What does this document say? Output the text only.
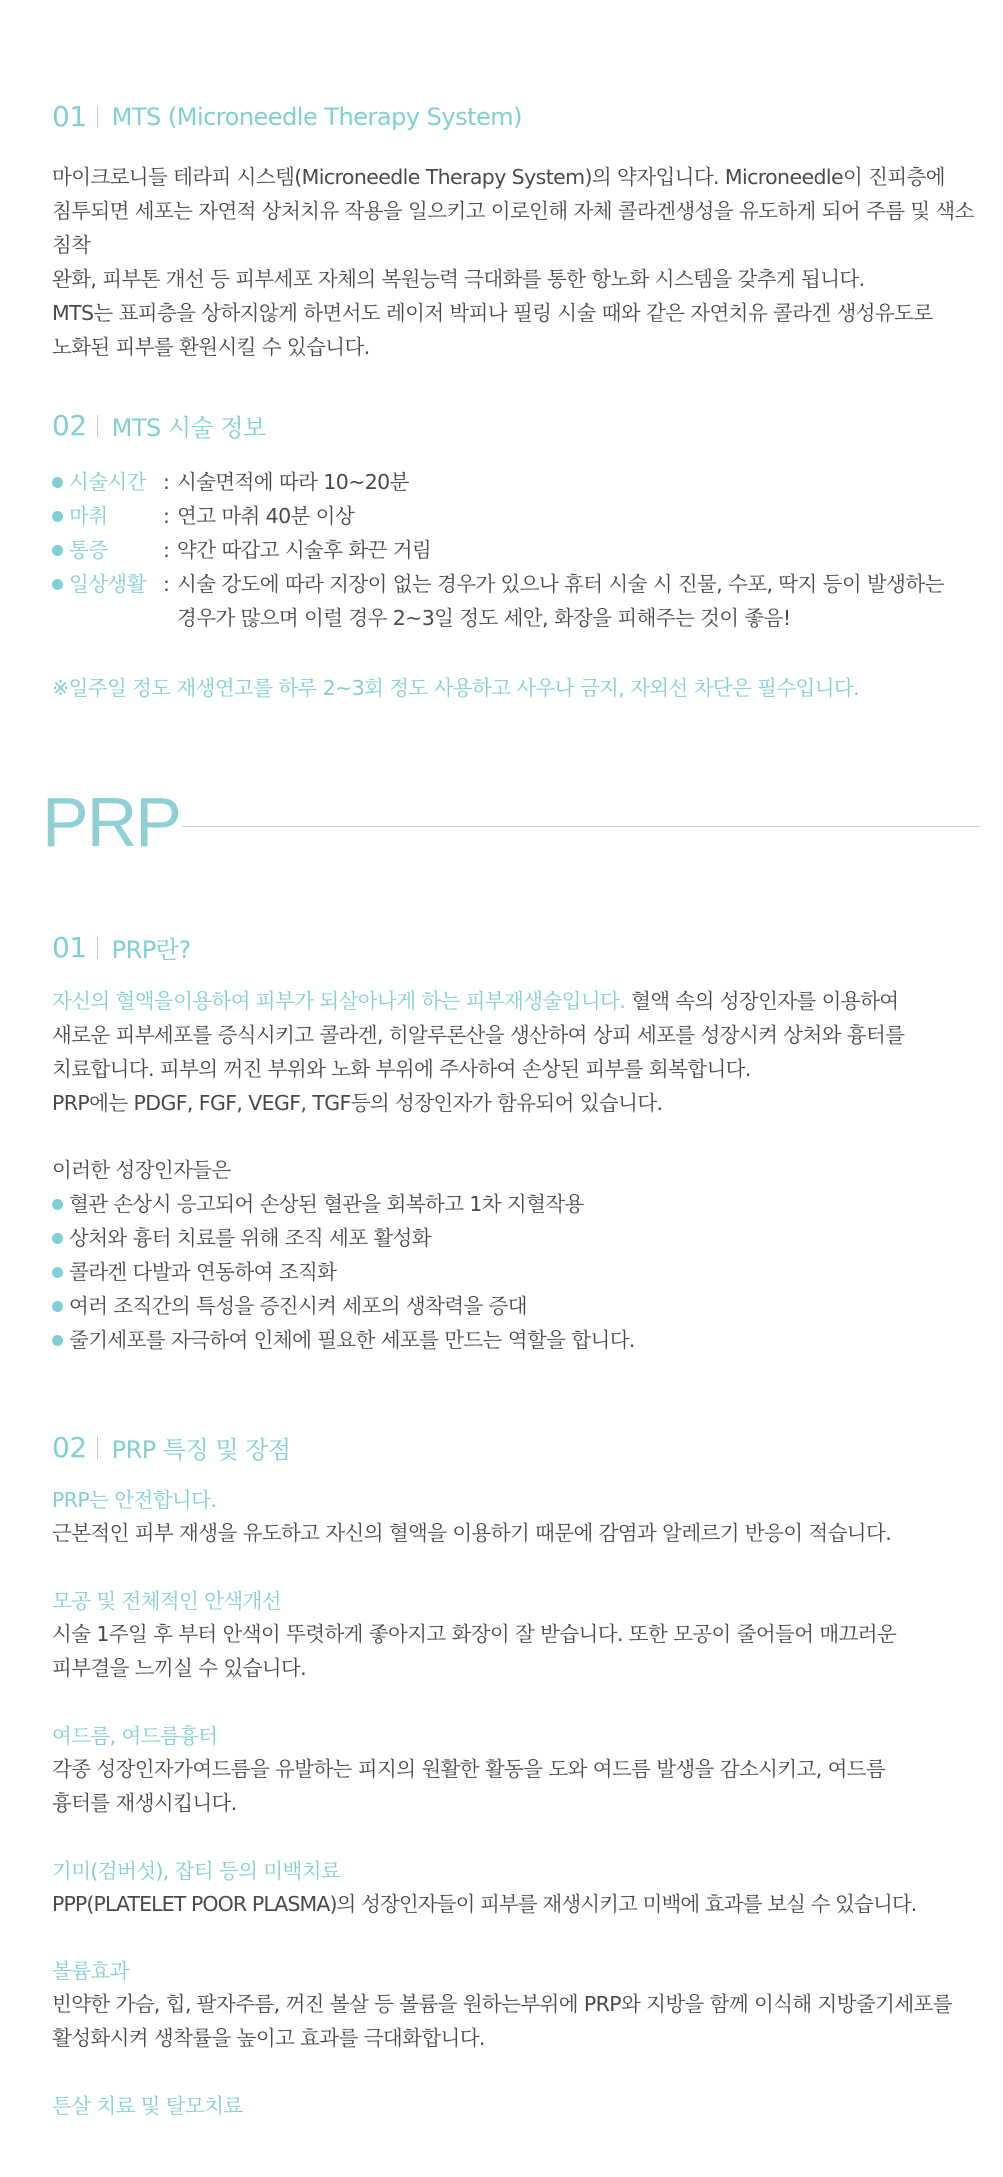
01 MTS (Microneedle Therapy System)
마이크로니들 테라피 시스템(Microneedle Therapy System)의 약자입니다. Microneedle이 진피층에
침투되면 세포는 자연적 상처치유 작용을 일으키고 이로인해 자체 콜라겐생성을 유도하게 되어 주름 및 색소침착
완화, 피부톤 개선 등 피부세포 자체의 복원능력 극대화를 통한 항노화 시스템을 갖추게 됩니다.
MTS는 표피층을 상하지않게 하면서도 레이저 박피나 필링 시술 때와 같은 자연치유 콜라겐 생성유도로
노화된 피부를 환원시킬 수 있습니다.
02 MTS 시술 정보
시술시간 : 시술면적에 따라 10~20분
마취	: 연고 마취 40분 이상
통증	: 약간 따갑고 시술후 화끈 거림
일상생활 : 시술 강도에 따라 지장이 없는 경우가 있으나 휴터 시술 시 진물, 수포, 딱지 등이 발생하는
경우가 많으며 이럴 경우 2~3일 정도 세안, 화장을 피해주는 것이 좋음!
※일주일 정도 재생연고를 하루 2~3회 정도 사용하고 사우나 금지, 자외선 차단은 필수입니다.
PRP
01 PRP란?
자신의 혈액을이용하여 피부가 되살아나게 하는 피부재생술입니다. 혈액 속의 성장인자를 이용하여
새로운 피부세포를 증식시키고 콜라겐, 히알루론산을 생산하여 상피 세포를 성장시켜 상처와 흉터를
치료합니다. 피부의 꺼진 부위와 노화 부위에 주사하여 손상된 피부를 회복합니다.
PRP에는 PDGF, FGF, VEGF, TGF등의 성장인자가 함유되어 있습니다.
이러한 성장인자들은
혈관 손상시 응고되어 손상된 혈관을 회복하고 1차 지혈작용
상처와 흉터 치료를 위해 조직 세포 활성화
콜라겐 다발과 연동하여 조직화
여러 조직간의 특성을 증진시켜 세포의 생착력을 증대
줄기세포를 자극하여 인체에 필요한 세포를 만드는 역할을 합니다.
02 PRP 특징 및 장점
PRP는 안전합니다.
근본적인 피부 재생을 유도하고 자신의 혈액을 이용하기 때문에 감염과 알레르기 반응이 적습니다.
모공 및 전체적인 안색개선
시술 1주일 후 부터 안색이 뚜렷하게 좋아지고 화장이 잘 받습니다. 또한 모공이 줄어들어 매끄러운
피부결을 느끼실 수 있습니다.
여드름, 여드름흉터
각종 성장인자가여드름을 유발하는 피지의 원활한 활동을 도와 여드름 발생을 감소시키고, 여드름
흉터를 재생시킵니다.
기미(검버섯), 잡티 등의 미백치료
PPP(PLATELET POOR PLASMA)의 성장인자들이 피부를 재생시키고 미백에 효과를 보실 수 있습니다.
볼륨효과
빈약한 가슴, 힙, 팔자주름, 꺼진 볼살 등 볼륨을 원하는부위에 PRP와 지방을 함께 이식해 지방줄기세포를
활성화시켜 생착률을 높이고 효과를 극대화합니다.
튼살 치료 및 탈모치료
